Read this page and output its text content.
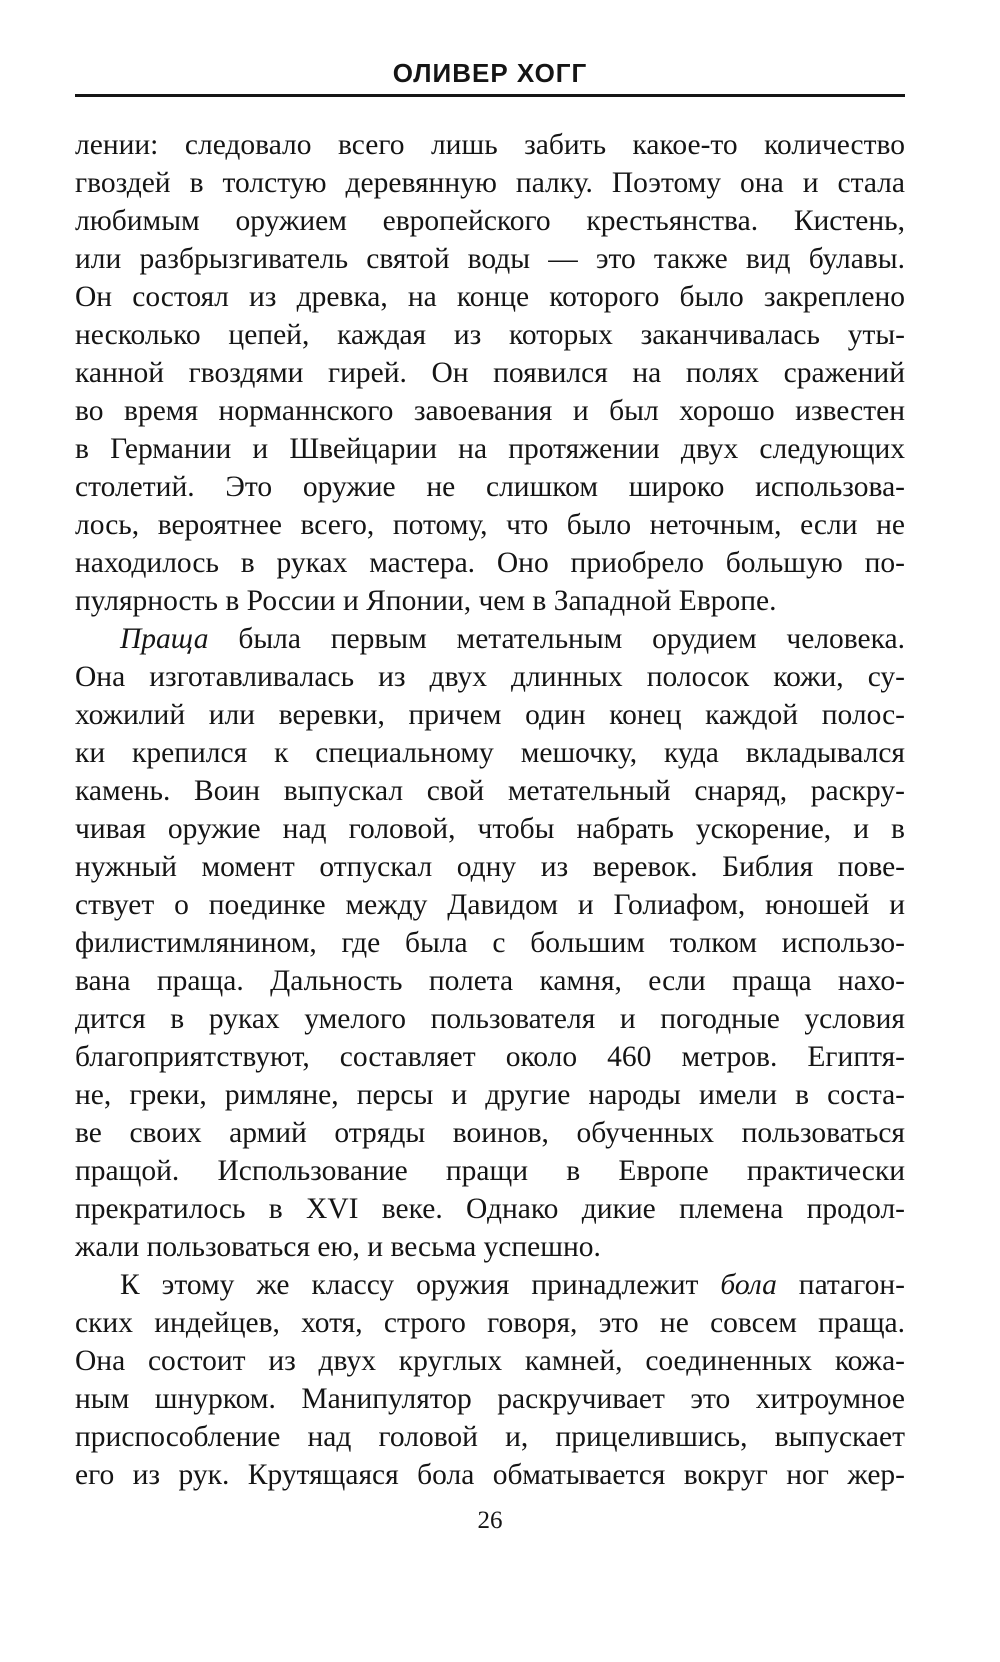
ОЛИВЕР ХОГГ
лении: следовало всего лишь забить какое-то количество
гвоздей в толстую деревянную палку. Поэтому она и стала
любимым оружием европейского крестьянства. Кистень,
или разбрызгиватель святой воды — это также вид булавы.
Он состоял из древка, на конце которого было закреплено
несколько цепей, каждая из которых заканчивалась уты-
канной гвоздями гирей. Он появился на полях сражений
во время норманнского завоевания и был хорошо известен
в Германии и Швейцарии на протяжении двух следующих
столетий. Это оружие не слишком широко использова-
лось, вероятнее всего, потому, что было неточным, если не
находилось в руках мастера. Оно приобрело большую по-
пулярность в России и Японии, чем в Западной Европе.
Праща была первым метательным орудием человека.
Она изготавливалась из двух длинных полосок кожи, су-
хожилий или веревки, причем один конец каждой полос-
ки крепился к специальному мешочку, куда вкладывался
камень. Воин выпускал свой метательный снаряд, раскру-
чивая оружие над головой, чтобы набрать ускорение, и в
нужный момент отпускал одну из веревок. Библия пове-
ствует о поединке между Давидом и Голиафом, юношей и
филистимлянином, где была с большим толком использо-
вана праща. Дальность полета камня, если праща нахо-
дится в руках умелого пользователя и погодные условия
благоприятствуют, составляет около 460 метров. Египтя-
не, греки, римляне, персы и другие народы имели в соста-
ве своих армий отряды воинов, обученных пользоваться
пращой. Использование пращи в Европе практически
прекратилось в XVI веке. Однако дикие племена продол-
жали пользоваться ею, и весьма успешно.
К этому же классу оружия принадлежит бола патагон-
ских индейцев, хотя, строго говоря, это не совсем праща.
Она состоит из двух круглых камней, соединенных кожа-
ным шнурком. Манипулятор раскручивает это хитроумное
приспособление над головой и, прицелившись, выпускает
его из рук. Крутящаяся бола обматывается вокруг ног жер-
26
